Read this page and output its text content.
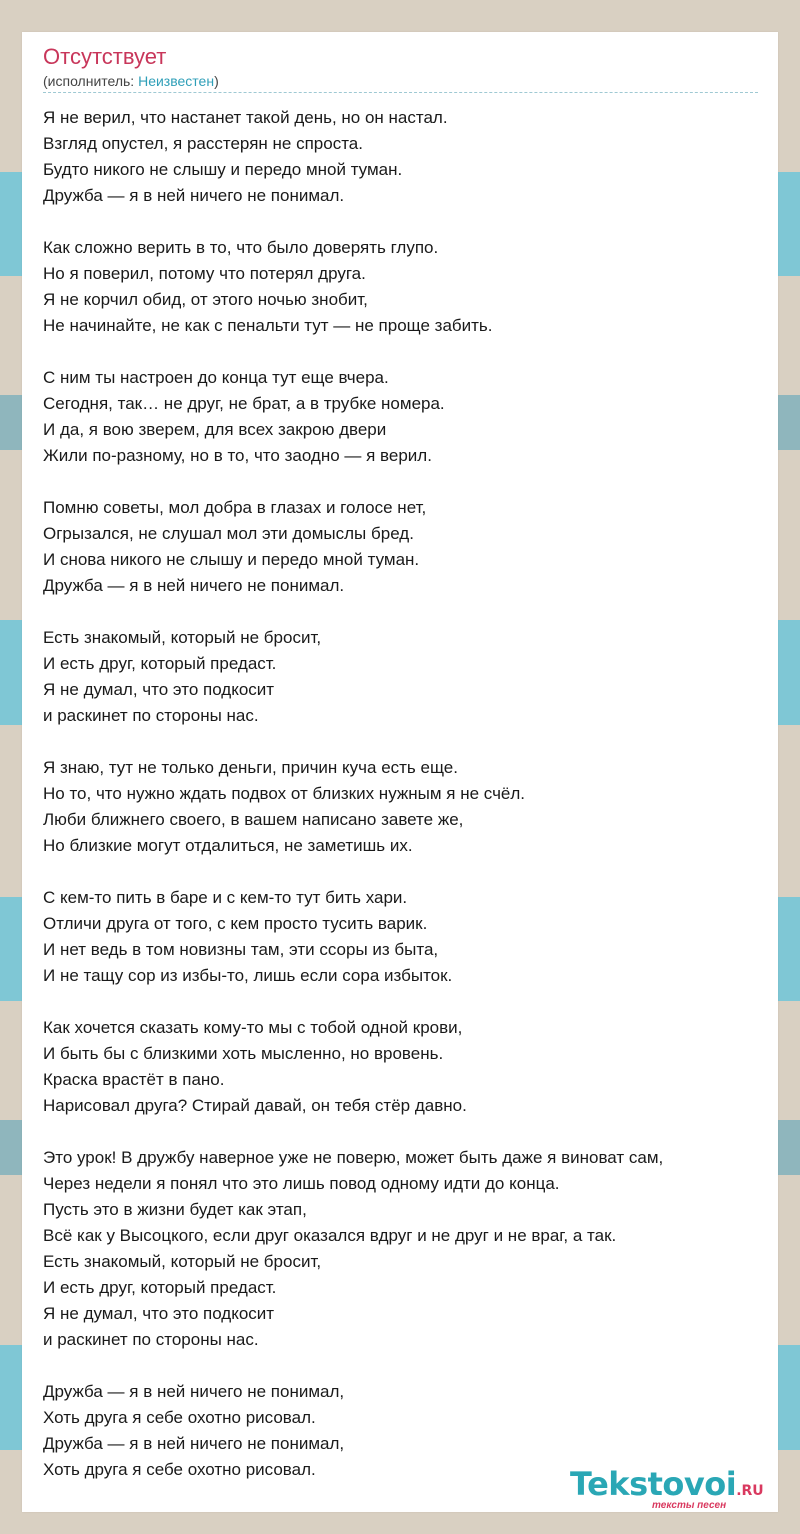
Отсутствует
(исполнитель: Неизвестен)
Я не верил, что настанет такой день, но он настал.
Взгляд опустел, я расстерян не спроста.
Будто никого не слышу и передо мной туман.
Дружба — я в ней ничего не понимал.
Как сложно верить в то, что было доверять глупо.
Но я поверил, потому что потерял друга.
Я не корчил обид, от этого ночью знобит,
Не начинайте, не как с пенальти тут — не проще забить.
С ним ты настроен до конца тут еще вчера.
Сегодня, так… не друг, не брат, а в трубке номера.
И да, я вою зверем, для всех закрою двери
Жили по-разному, но в то, что заодно — я верил.
Помню советы, мол добра в глазах и голосе нет,
Огрызался, не слушал мол эти домыслы бред.
И снова никого не слышу и передо мной туман.
Дружба — я в ней ничего не понимал.
Есть знакомый, который не бросит,
И есть друг, который предаст.
Я не думал, что это подкосит
и раскинет по стороны нас.
Я знаю, тут не только деньги, причин куча есть еще.
Но то, что нужно ждать подвох от близких нужным я не счёл.
Люби ближнего своего, в вашем написано завете же,
Но близкие могут отдалиться, не заметишь их.
С кем-то пить в баре и с кем-то тут бить хари.
Отличи друга от того, с кем просто тусить варик.
И нет ведь в том новизны там, эти ссоры из быта,
И не тащу сор из избы-то, лишь если сора избыток.
Как хочется сказать кому-то мы с тобой одной крови,
И быть бы с близкими хоть мысленно, но вровень.
Краска врастёт в пано.
Нарисовал друга? Стирай давай, он тебя стёр давно.
Это урок! В дружбу наверное уже не поверю, может быть даже я виноват сам,
Через недели я понял что это лишь повод одному идти до конца.
Пусть это в жизни будет как этап,
Всё как у Высоцкого, если друг оказался вдруг и не друг и не враг, а так.
Есть знакомый, который не бросит,
И есть друг, который предаст.
Я не думал, что это подкосит
и раскинет по стороны нас.
Дружба — я в ней ничего не понимал,
Хоть друга я себе охотно рисовал.
Дружба — я в ней ничего не понимал,
Хоть друга я себе охотно рисовал.	Tekstovoi.RU
тексты песен
